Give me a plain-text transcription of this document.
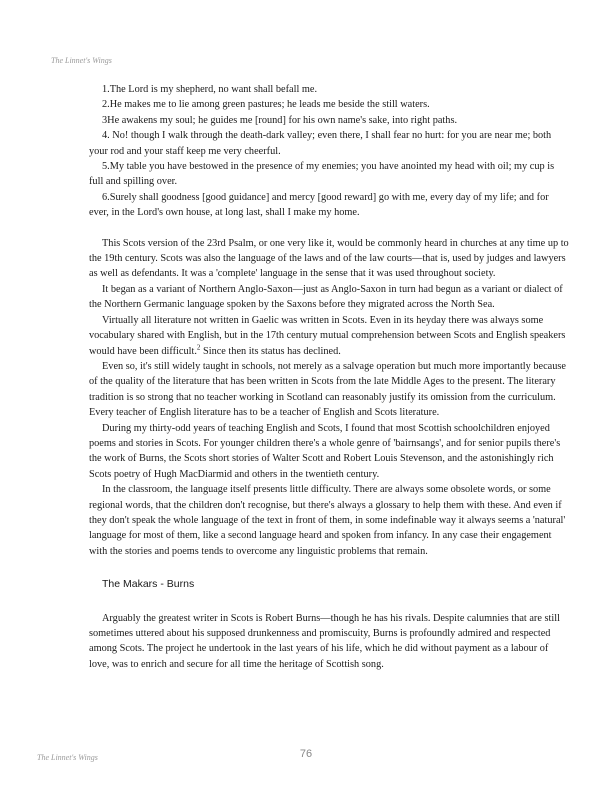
The Linnet's Wings

1.The Lord is my shepherd, no want shall befall me.

2.He makes me to lie among green pastures; he leads me beside the still waters.

3He awakens my soul; he guides me [round] for his own name's sake, into right paths.

4. No! though I walk through the death-dark valley; even there, I shall fear no hurt: for you are near me; both your rod and your staff keep me very cheerful.

5.My table you have bestowed in the presence of my enemies; you have anointed my head with oil; my cup is full and spilling over.

6.Surely shall goodness [good guidance] and mercy [good reward] go with me, every day of my life; and for ever, in the Lord's own house, at long last, shall I make my home.

This Scots version of the 23rd Psalm, or one very like it, would be commonly heard in churches at any time up to the 19th century. Scots was also the language of the laws and of the law courts—that is, used by judges and lawyers as well as defendants. It was a 'complete' language in the sense that it was used throughout society.

It began as a variant of Northern Anglo-Saxon—just as Anglo-Saxon in turn had begun as a variant or dialect of the Northern Germanic language spoken by the Saxons before they migrated across the North Sea.

Virtually all literature not written in Gaelic was written in Scots. Even in its heyday there was always some vocabulary shared with English, but in the 17th century mutual comprehension between Scots and English speakers would have been difficult.$^2$ Since then its status has declined.

Even so, it's still widely taught in schools, not merely as a salvage operation but much more importantly because of the quality of the literature that has been written in Scots from the late Middle Ages to the present. The literary tradition is so strong that no teacher working in Scotland can reasonably justify its omission from the curriculum. Every teacher of English literature has to be a teacher of English and Scots literature.

During my thirty-odd years of teaching English and Scots, I found that most Scottish schoolchildren enjoyed poems and stories in Scots. For younger children there's a whole genre of 'bairnsangs', and for senior pupils there's the work of Burns, the Scots short stories of Walter Scott and Robert Louis Stevenson, and the astonishingly rich Scots poetry of Hugh MacDiarmid and others in the twentieth century.

In the classroom, the language itself presents little difficulty. There are always some obsolete words, or some regional words, that the children don't recognise, but there's always a glossary to help them with these. And even if they don't speak the whole language of the text in front of them, in some indefinable way it always seems a 'natural' language for most of them, like a second language heard and spoken from infancy. In any case their engagement with the stories and poems tends to overcome any linguistic problems that remain.

The Makars - Burns

Arguably the greatest writer in Scots is Robert Burns—though he has his rivals. Despite calumnies that are still sometimes uttered about his supposed drunkenness and promiscuity, Burns is profoundly admired and respected among Scots. The project he undertook in the last years of his life, which he did without payment as a labour of love, was to enrich and secure for all time the heritage of Scottish song.

The Linnet's Wings	76
